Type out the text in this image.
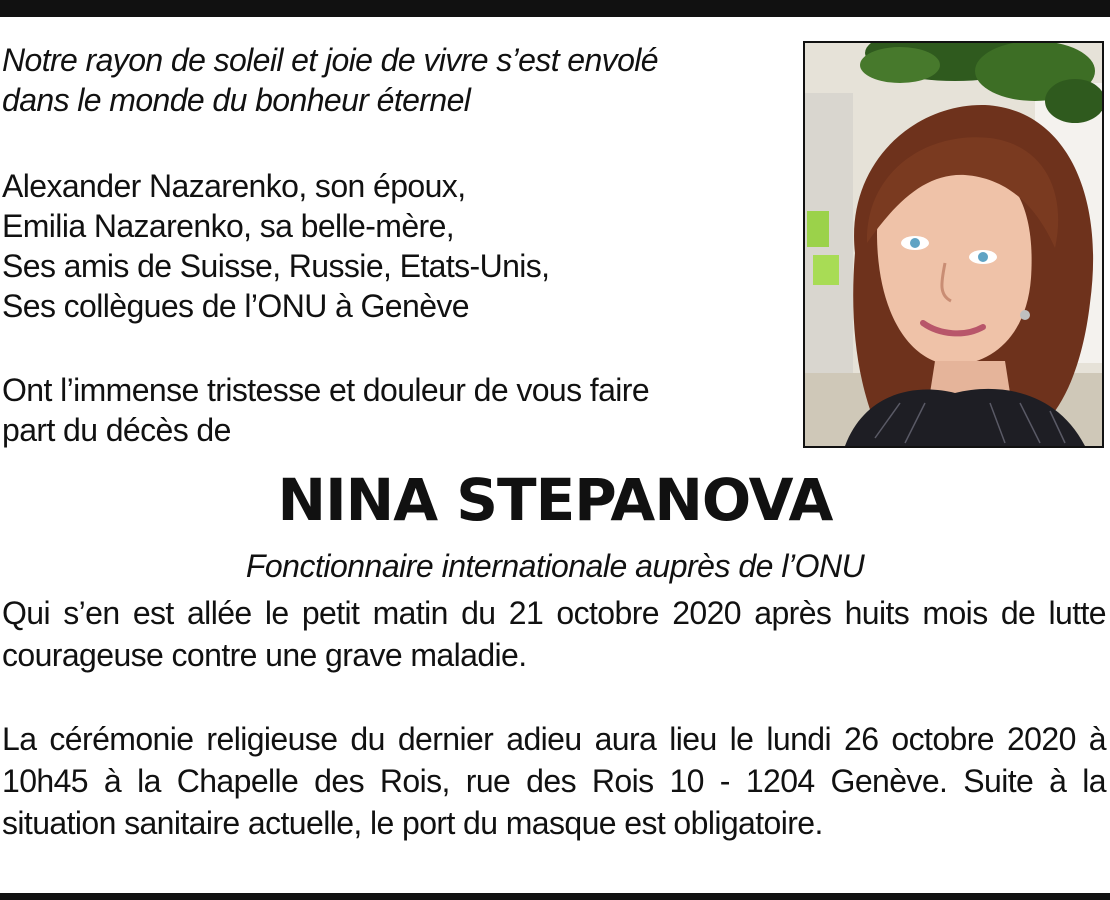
Notre rayon de soleil et joie de vivre s’est envolé
dans le monde du bonheur éternel
Alexander Nazarenko, son époux,
Emilia Nazarenko, sa belle-mère,
Ses amis de Suisse, Russie, Etats-Unis,
Ses collègues de l’ONU à Genève
Ont l’immense tristesse et douleur de vous faire
part du décès de
NINA STEPANOVA
Fonctionnaire internationale auprès de l’ONU
Qui s’en est allée le petit matin du 21 octobre 2020 après huits mois de lutte courageuse contre une grave maladie.
La cérémonie religieuse du dernier adieu aura lieu le lundi 26 octobre 2020 à 10h45 à la Chapelle des Rois, rue des Rois 10 - 1204 Genève. Suite à la situation sanitaire actuelle, le port du masque est obligatoire.
